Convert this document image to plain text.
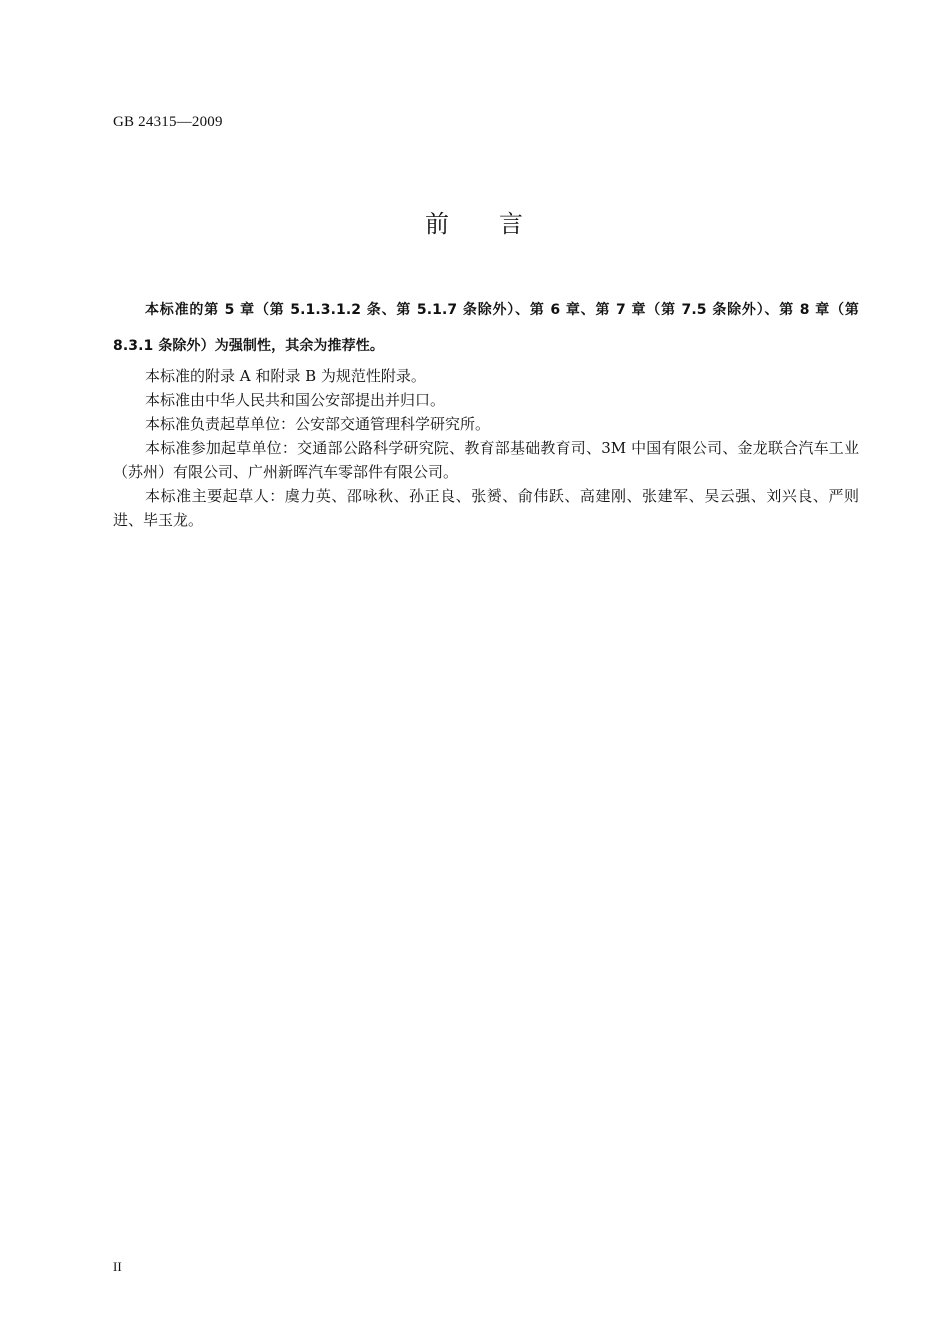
GB 24315—2009
前 言

本标准的第 5 章（第 5.1.3.1.2 条、第 5.1.7 条除外）、第 6 章、第 7 章（第 7.5 条除外）、第 8 章（第 8.3.1 条除外）为强制性，其余为推荐性。

本标准的附录 A 和附录 B 为规范性附录。

本标准由中华人民共和国公安部提出并归口。

本标准负责起草单位：公安部交通管理科学研究所。

本标准参加起草单位：交通部公路科学研究院、教育部基础教育司、3M 中国有限公司、金龙联合汽车工业（苏州）有限公司、广州新晖汽车零部件有限公司。

本标准主要起草人：虞力英、邵咏秋、孙正良、张赟、俞伟跃、高建刚、张建军、吴云强、刘兴良、严则进、毕玉龙。

II
